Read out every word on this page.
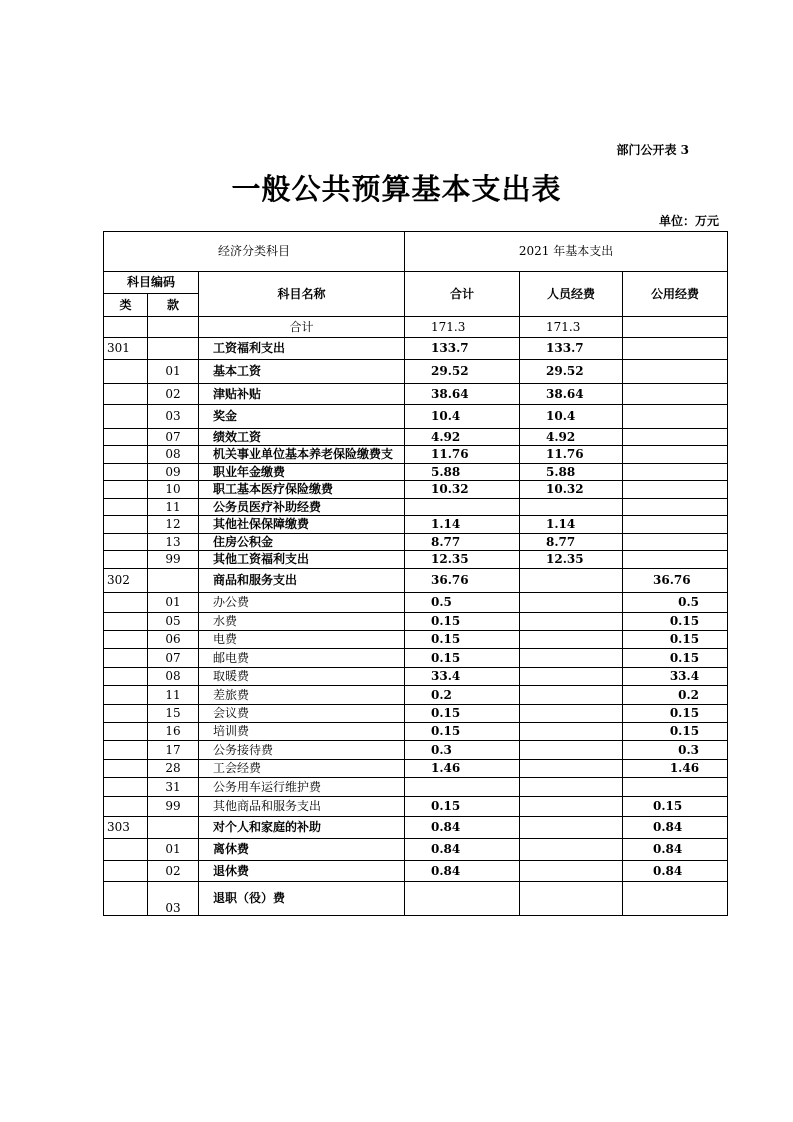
部门公开表 3
一般公共预算基本支出表
单位：万元
经济分类科目			2021 年基本支出		
科目编码		科目名称	合计	人员经费	公用经费
类	款				
		合计	171.3	171.3	
301		工资福利支出	133.7	133.7	
	01	基本工资	29.52	29.52	
	02	津贴补贴	38.64	38.64	
	03	奖金	10.4	10.4	
	07	绩效工资	4.92	4.92	
	08	机关事业单位基本养老保险缴费支	11.76	11.76	
	09	职业年金缴费	5.88	5.88	
	10	职工基本医疗保险缴费	10.32	10.32	
	11	公务员医疗补助经费			
	12	其他社保保障缴费	1.14	1.14	
	13	住房公积金	8.77	8.77	
	99	其他工资福利支出	12.35	12.35	
302		商品和服务支出	36.76		36.76
	01	办公费	0.5		0.5
	05	水费	0.15		0.15
	06	电费	0.15		0.15
	07	邮电费	0.15		0.15
	08	取暖费	33.4		33.4
	11	差旅费	0.2		0.2
	15	会议费	0.15		0.15
	16	培训费	0.15		0.15
	17	公务接待费	0.3		0.3
	28	工会经费	1.46		1.46
	31	公务用车运行维护费			
	99	其他商品和服务支出	0.15		0.15
303		对个人和家庭的补助	0.84		0.84
	01	离休费	0.84		0.84
	02	退休费	0.84		0.84
	03	退职（役）费			
